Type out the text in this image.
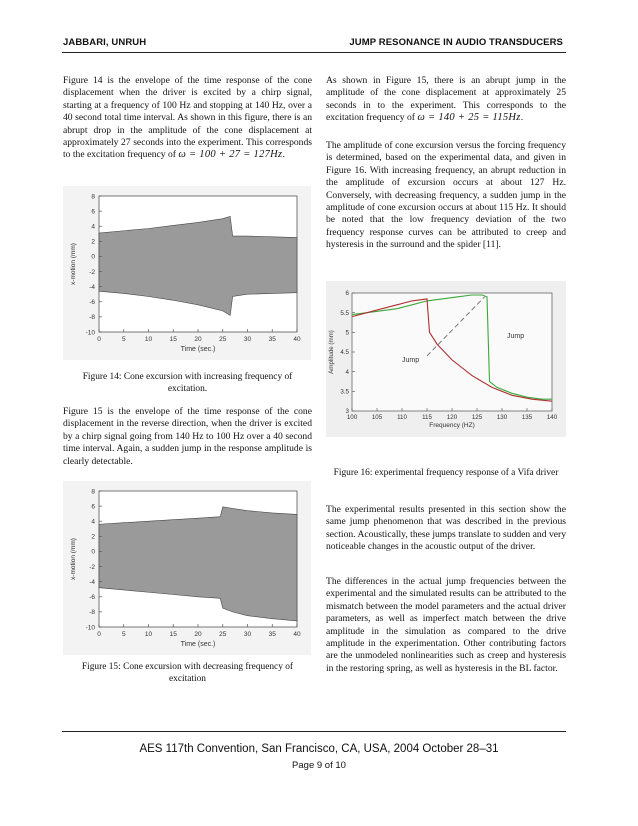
JABBARI, UNRUH	JUMP RESONANCE IN AUDIO TRANSDUCERS

Figure 14 is the envelope of the time response of the cone displacement when the driver is excited by a chirp signal, starting at a frequency of 100 Hz and stopping at 140 Hz, over a 40 second total time interval. As shown in this figure, there is an abrupt drop in the amplitude of the cone displacement at approximately 27 seconds into the experiment. This corresponds to the excitation frequency of ω = 100 + 27 = 127Hz.

0	5	10	15	20	25	30	35	40
8
6
4
2
0
-2
-4
-6
-8
-10
Time (sec.)
x-motion (mm)
Figure 14: Cone excursion with increasing frequency of excitation.
Figure 15 is the envelope of the time response of the cone displacement in the reverse direction, when the driver is excited by a chirp signal going from 140 Hz to 100 Hz over a 40 second time interval. Again, a sudden jump in the response amplitude is clearly detectable.
0	5	10	15	20	25	30	35	40
8
6
4
2
0
-2
-4
-6
-8
-10
Time (sec.)
x-motion (mm)
Figure 15: Cone excursion with decreasing frequency of excitation

As shown in Figure 15, there is an abrupt jump in the amplitude of the cone displacement at approximately 25 seconds in to the experiment. This corresponds to the excitation frequency of ω = 140 + 25 = 115Hz.

The amplitude of cone excursion versus the forcing frequency is determined, based on the experimental data, and given in Figure 16. With increasing frequency, an abrupt reduction in the amplitude of excursion occurs at about 127 Hz. Conversely, with decreasing frequency, a sudden jump in the amplitude of cone excursion occurs at about 115 Hz. It should be noted that the low frequency deviation of the two frequency response curves can be attributed to creep and hysteresis in the surround and the spider [11].
Jump
Jump
100 105 110 115 120 125 130 135 140
6
5.5
5
4.5
4
3.5
3
Frequency (HZ)
Amplitude (mm)
Figure 16: experimental frequency response of a Vifa driver
The experimental results presented in this section show the same jump phenomenon that was described in the previous section. Acoustically, these jumps translate to sudden and very noticeable changes in the acoustic output of the driver.
The differences in the actual jump frequencies between the experimental and the simulated results can be attributed to the mismatch between the model parameters and the actual driver parameters, as well as imperfect match between the drive amplitude in the simulation as compared to the drive amplitude in the experimentation. Other contributing factors are the unmodeled nonlinearities such as creep and hysteresis in the restoring spring, as well as hysteresis in the BL factor.
AES 117th Convention, San Francisco, CA, USA, 2004 October 28–31
Page 9 of 10
